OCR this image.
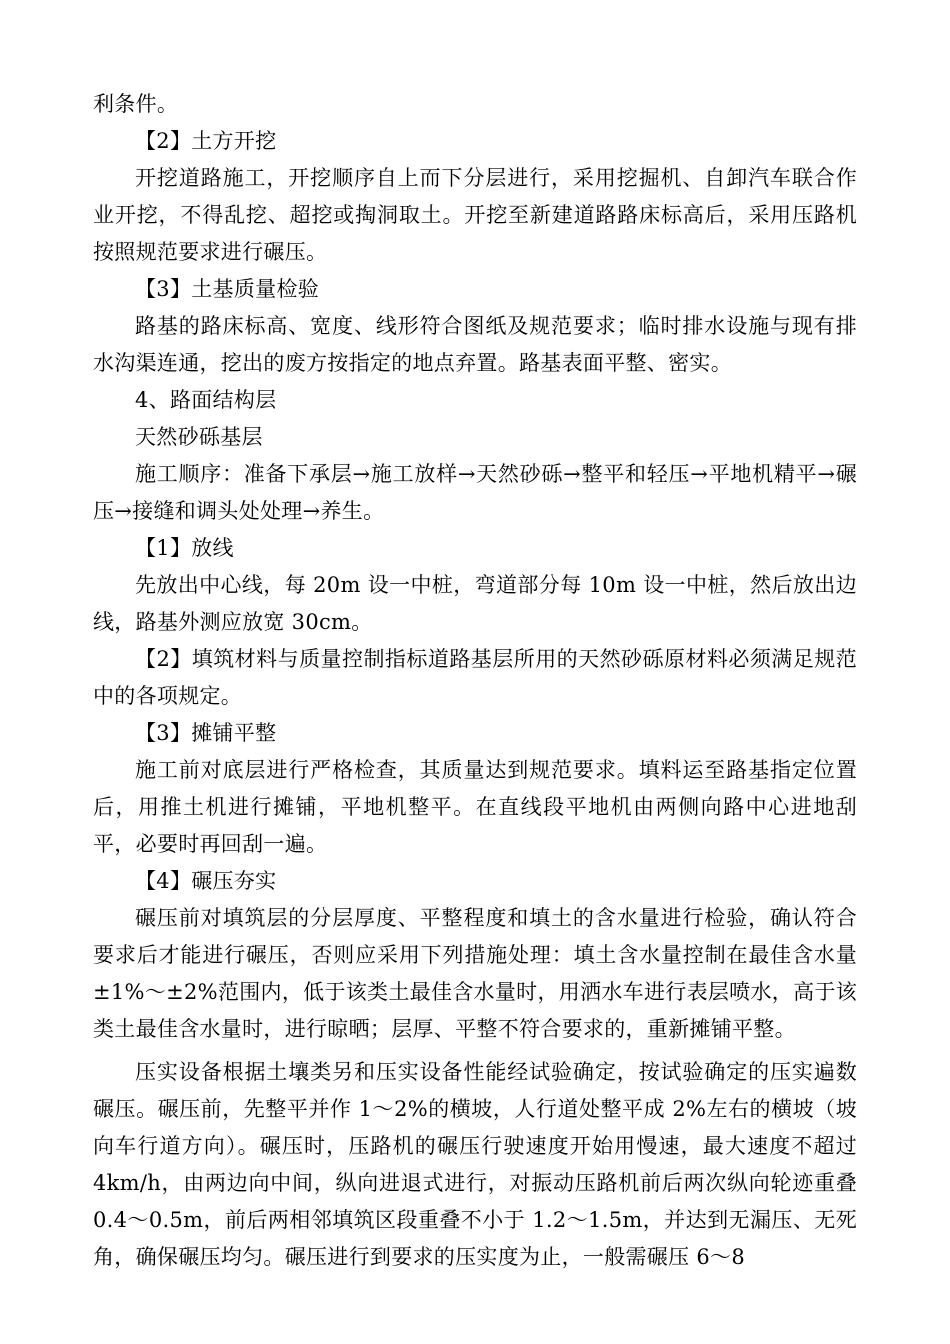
利条件。

【2】土方开挖

开挖道路施工，开挖顺序自上而下分层进行，采用挖掘机、自卸汽车联合作业开挖，不得乱挖、超挖或掏洞取土。开挖至新建道路路床标高后，采用压路机按照规范要求进行碾压。

【3】土基质量检验

路基的路床标高、宽度、线形符合图纸及规范要求；临时排水设施与现有排水沟渠连通，挖出的废方按指定的地点弃置。路基表面平整、密实。

4、路面结构层

天然砂砾基层

施工顺序：准备下承层→施工放样→天然砂砾→整平和轻压→平地机精平→碾压→接缝和调头处处理→养生。

【1】放线

先放出中心线，每 20m 设一中桩，弯道部分每 10m 设一中桩，然后放出边线，路基外测应放宽 30cm。

【2】填筑材料与质量控制指标道路基层所用的天然砂砾原材料必须满足规范中的各项规定。

【3】摊铺平整

施工前对底层进行严格检查，其质量达到规范要求。填料运至路基指定位置后，用推土机进行摊铺，平地机整平。在直线段平地机由两侧向路中心进地刮平，必要时再回刮一遍。

【4】碾压夯实

碾压前对填筑层的分层厚度、平整程度和填土的含水量进行检验，确认符合要求后才能进行碾压，否则应采用下列措施处理：填土含水量控制在最佳含水量±1%～±2%范围内，低于该类土最佳含水量时，用洒水车进行表层喷水，高于该类土最佳含水量时，进行晾晒；层厚、平整不符合要求的，重新摊铺平整。

压实设备根据土壤类另和压实设备性能经试验确定，按试验确定的压实遍数碾压。碾压前，先整平并作 1～2%的横坡，人行道处整平成 2%左右的横坡（坡向车行道方向）。碾压时，压路机的碾压行驶速度开始用慢速，最大速度不超过 4km/h，由两边向中间，纵向进退式进行，对振动压路机前后两次纵向轮迹重叠 0.4～0.5m，前后两相邻填筑区段重叠不小于 1.2～1.5m，并达到无漏压、无死角，确保碾压均匀。碾压进行到要求的压实度为止，一般需碾压 6～8
